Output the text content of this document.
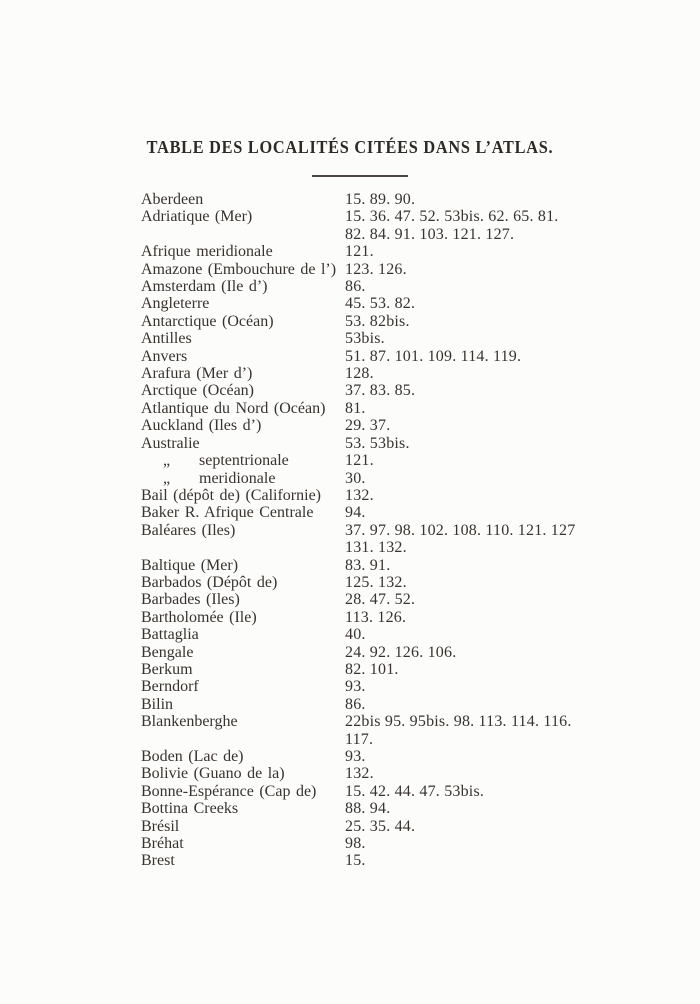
TABLE DES LOCALITÉS CITÉES DANS L’ATLAS.
Aberdeen	15. 89. 90.
Adriatique (Mer)	15. 36. 47. 52. 53bis. 62. 65. 81.
82. 84. 91. 103. 121. 127.
Afrique meridionale	121.
Amazone (Embouchure de l’) 123. 126.
Amsterdam (Ile d’)	86.
Angleterre	45. 53. 82.
Antarctique (Océan)	53. 82bis.
Antilles	53bis.
Anvers	51. 87. 101. 109. 114. 119.
Arafura (Mer d’)	128.
Arctique (Océan)	37. 83. 85.
Atlantique du Nord (Océan)	81.
Auckland (Iles d’)	29. 37.
Australie	53. 53bis.
„ septentrionale	121.
„ meridionale	30.
Bail (dépôt de) (Californie)	132.
Baker R. Afrique Centrale	94.
Baléares (Iles)	37. 97. 98. 102. 108. 110. 121. 127
131. 132.
Baltique (Mer)	83. 91.
Barbados (Dépôt de)	125. 132.
Barbades (Iles)	28. 47. 52.
Bartholomée (Ile)	113. 126.
Battaglia	40.
Bengale	24. 92. 126. 106.
Berkum	82. 101.
Berndorf	93.
Bilin	86.
Blankenberghe	22bis 95. 95bis. 98. 113. 114. 116.
117.
Boden (Lac de)	93.
Bolivie (Guano de la)	132.
Bonne-Espérance (Cap de)	15. 42. 44. 47. 53bis.
Bottina Creeks	88. 94.
Brésil	25. 35. 44.
Bréhat	98.
Brest	15.
